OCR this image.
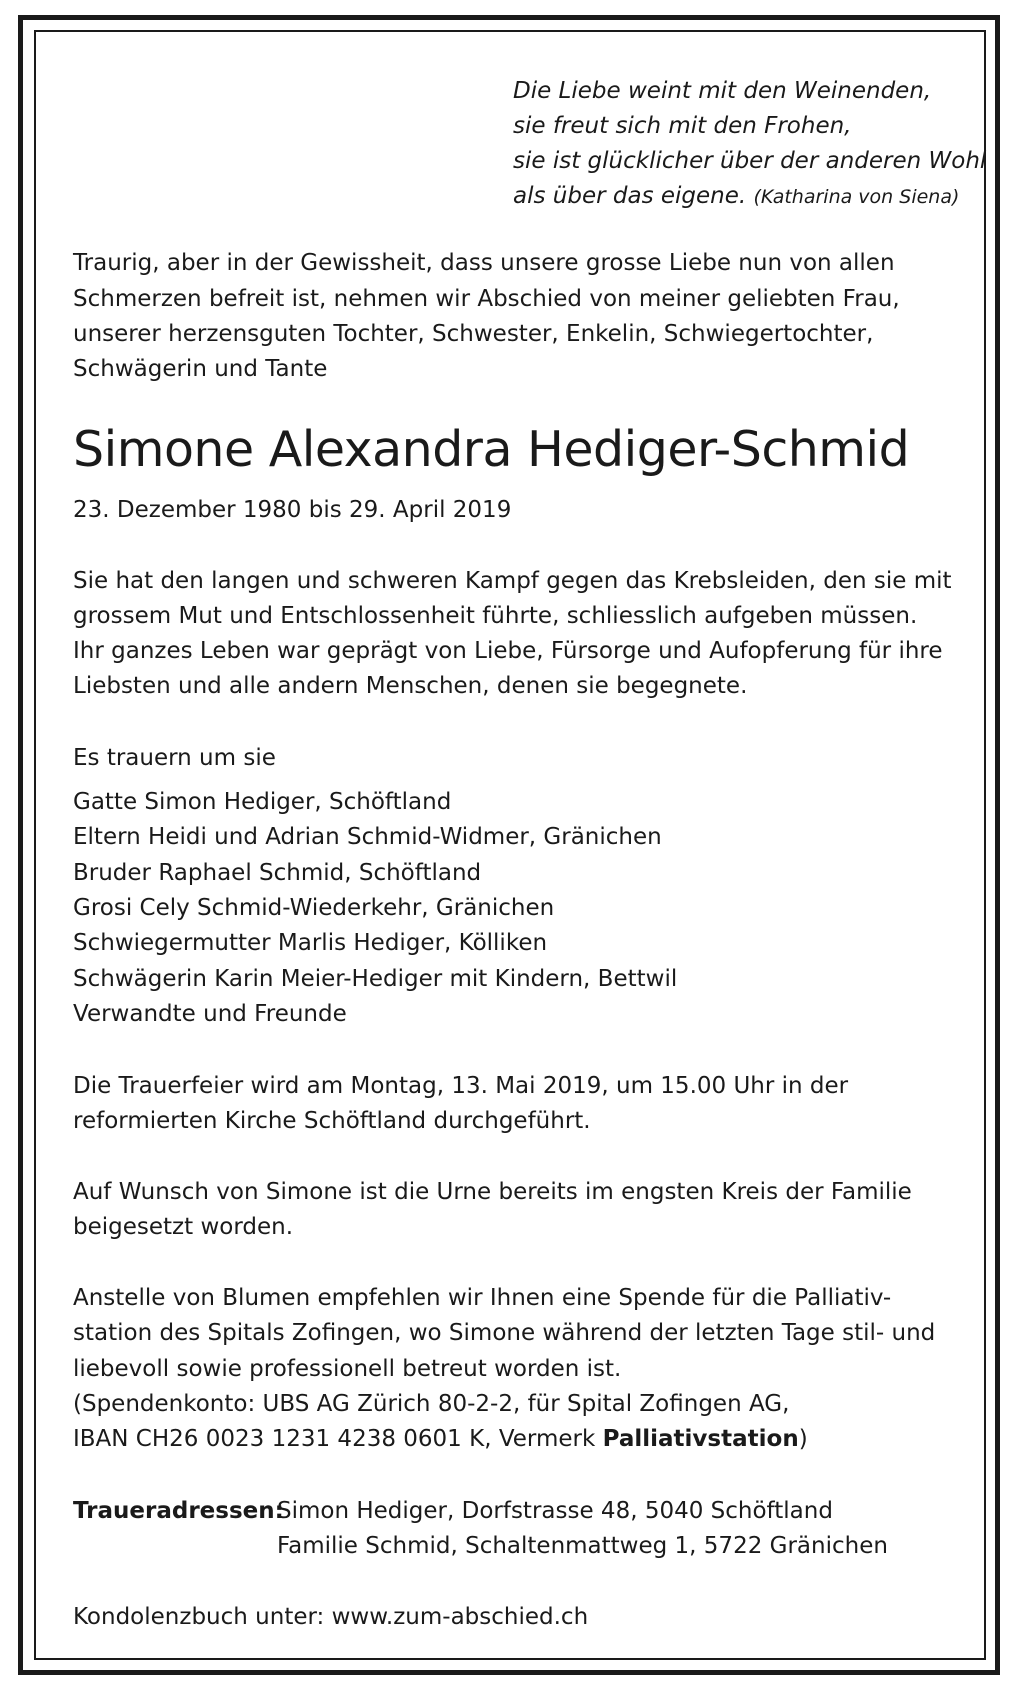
Die Liebe weint mit den Weinenden,
sie freut sich mit den Frohen,
sie ist glücklicher über der anderen Wohl
als über das eigene. (Katharina von Siena)
Traurig, aber in der Gewissheit, dass unsere grosse Liebe nun von allen
Schmerzen befreit ist, nehmen wir Abschied von meiner geliebten Frau,
unserer herzensguten Tochter, Schwester, Enkelin, Schwiegertochter,
Schwägerin und Tante
Simone Alexandra Hediger-Schmid
23. Dezember 1980 bis 29. April 2019
Sie hat den langen und schweren Kampf gegen das Krebsleiden, den sie mit
grossem Mut und Entschlossenheit führte, schliesslich aufgeben müssen.
Ihr ganzes Leben war geprägt von Liebe, Fürsorge und Aufopferung für ihre
Liebsten und alle andern Menschen, denen sie begegnete.
Es trauern um sie
Gatte Simon Hediger, Schöftland
Eltern Heidi und Adrian Schmid-Widmer, Gränichen
Bruder Raphael Schmid, Schöftland
Grosi Cely Schmid-Wiederkehr, Gränichen
Schwiegermutter Marlis Hediger, Kölliken
Schwägerin Karin Meier-Hediger mit Kindern, Bettwil
Verwandte und Freunde
Die Trauerfeier wird am Montag, 13. Mai 2019, um 15.00 Uhr in der
reformierten Kirche Schöftland durchgeführt.
Auf Wunsch von Simone ist die Urne bereits im engsten Kreis der Familie
beigesetzt worden.
Anstelle von Blumen empfehlen wir Ihnen eine Spende für die Palliativ-
station des Spitals Zofingen, wo Simone während der letzten Tage stil- und
liebevoll sowie professionell betreut worden ist.
(Spendenkonto: UBS AG Zürich 80-2-2, für Spital Zofingen AG,
IBAN CH26 0023 1231 4238 0601 K, Vermerk Palliativstation)
Traueradressen:
Simon Hediger, Dorfstrasse 48, 5040 Schöftland
Familie Schmid, Schaltenmattweg 1, 5722 Gränichen
Kondolenzbuch unter: www.zum-abschied.ch
